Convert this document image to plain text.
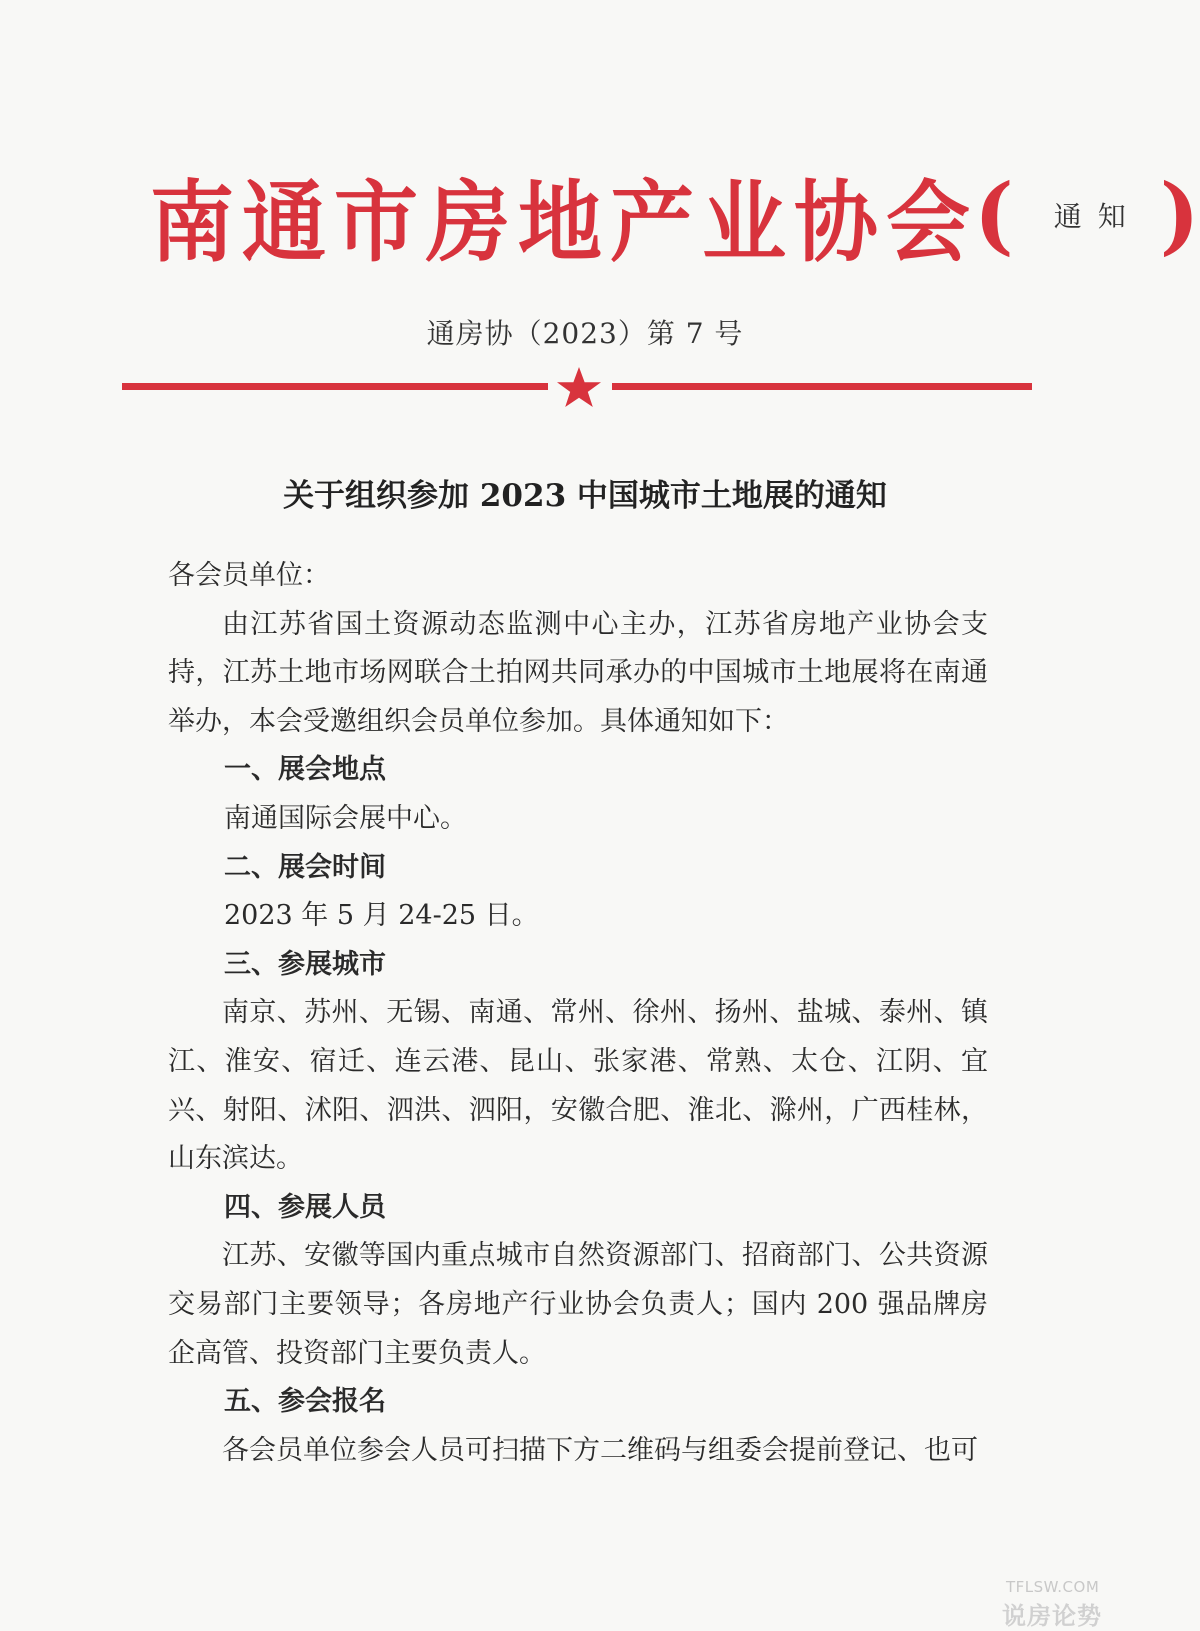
南通市房地产业协会
( 通知 )
通房协（2023）第 7 号
关于组织参加 2023 中国城市土地展的通知

各会员单位：

由江苏省国土资源动态监测中心主办，江苏省房地产业协会支持，江苏土地市场网联合土拍网共同承办的中国城市土地展将在南通举办，本会受邀组织会员单位参加。具体通知如下：

一、展会地点

南通国际会展中心。

二、展会时间

2023 年 5 月 24-25 日。

三、参展城市

南京、苏州、无锡、南通、常州、徐州、扬州、盐城、泰州、镇江、淮安、宿迁、连云港、昆山、张家港、常熟、太仓、江阴、宜兴、射阳、沭阳、泗洪、泗阳，安徽合肥、淮北、滁州，广西桂林，山东滨达。

四、参展人员

江苏、安徽等国内重点城市自然资源部门、招商部门、公共资源交易部门主要领导；各房地产行业协会负责人；国内 200 强品牌房企高管、投资部门主要负责人。

五、参会报名

各会员单位参会人员可扫描下方二维码与组委会提前登记、也可

TFLSW.COM
说房论势
